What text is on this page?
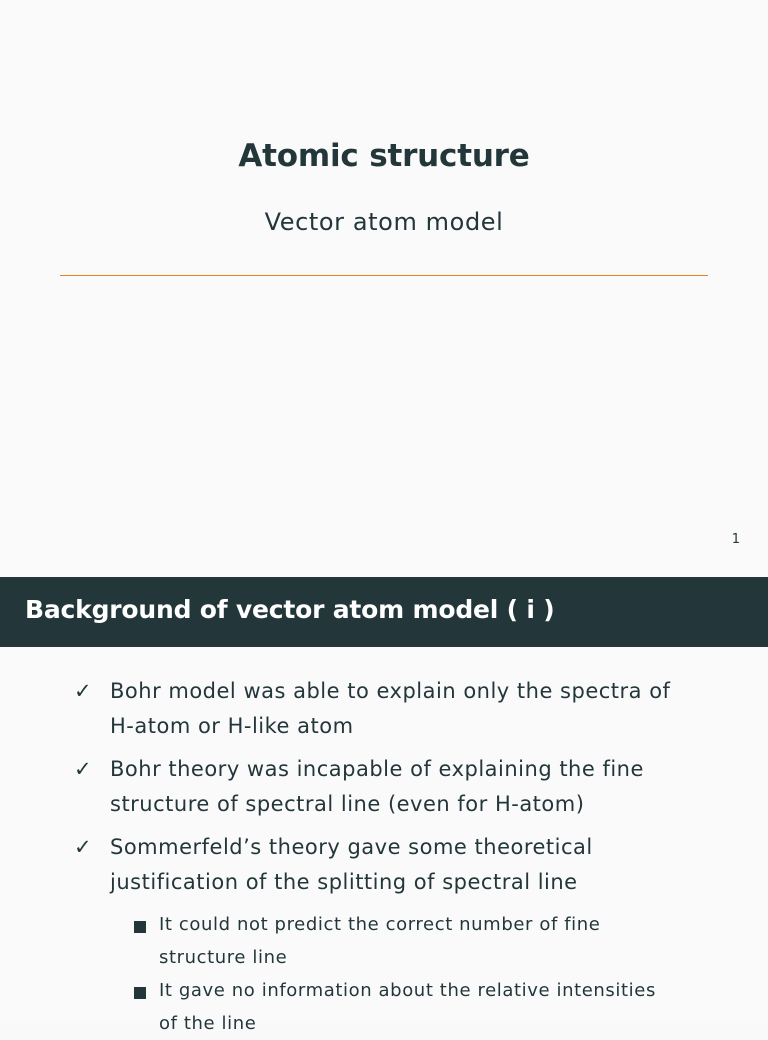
Atomic structure
Vector atom model
1
Background of vector atom model ( i )
✓ Bohr model was able to explain only the spectra of
H-atom or H-like atom
✓ Bohr theory was incapable of explaining the fine
structure of spectral line (even for H-atom)
✓ Sommerfeld’s theory gave some theoretical
justification of the splitting of spectral line
It could not predict the correct number of fine
structure line
It gave no information about the relative intensities
of the line
